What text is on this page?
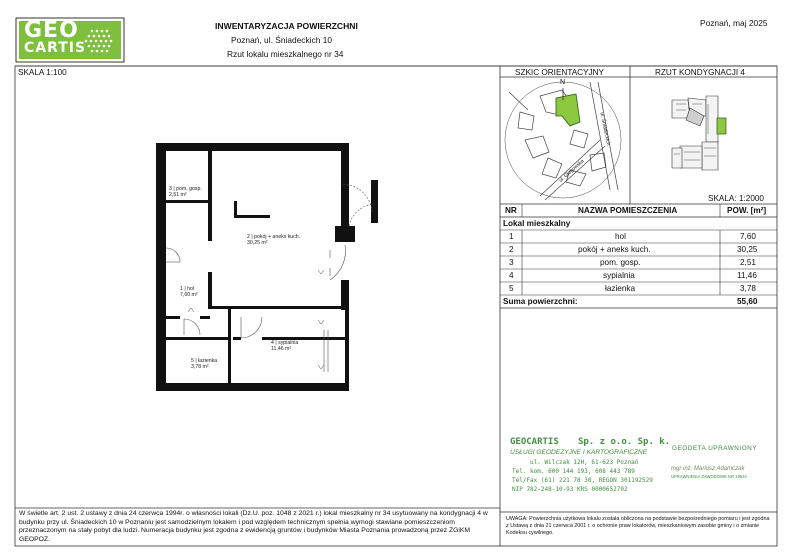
GEO
CARTIS
INWENTARYZACJA POWIERZCHNI
Poznań, ul. Śniadeckich 10
Rzut lokalu mieszkalnego nr 34
Poznań, maj 2025
SKALA 1:100
3 | pom. gosp.
2,51 m²
2 | pokój + aneks kuch.
30,25 m²
1 | hol
7,60 m²
5 | łazienka
3,78 m²
4 | sypialnia
11,46 m²
SZKIC ORIENTACYJNY	RZUT KONDYGNACJI 4
N
ul. Śniadeckich
ul. Głogowska
SKALA: 1:2000
NR	NAZWA POMIESZCZENIA	POW. [m²]
Lokal mieszkalny
1	hol	7,60
2	pokój + aneks kuch.	30,25
3	pom. gosp.	2,51
4	sypialnia	11,46
5	łazienka	3,78
Suma powierzchni:	55,60
GEOCARTIS Sp. z o.o. Sp. k.
USŁUGI GEODEZYJNE I KARTOGRAFICZNE
ul. Wilczak 12H, 61-623 Poznań
Tel. kom. 600 144 193, 608 443 789
Tel/Fax (61) 221 78 30, REGON 301192529
NIP 782-248-10-93 KRS 0000652702
GEODETA UPRAWNIONY
mgr inż. Mariusz Adamczak
UPRAWNIENIA ZAWODOWE NR 19534
W świetle art. 2 ust. 2 ustawy z dnia 24 czerwca 1994r. o własności lokali (Dz.U. poz. 1048 z 2021 r.) lokal mieszkalny nr 34 usytuowany na kondygnacji 4 w budynku przy ul. Śniadeckich 10 w Poznaniu jest samodzielnym lokalem i pod względem technicznym spełnia wymogi stawiane pomieszczeniom przeznaczonym na stały pobyt dla ludzi. Numeracja budynku jest zgodna z ewidencją gruntów i budynków Miasta Poznania prowadzoną przez ZGiKM GEOPOZ.
UWAGA: Powierzchnia użytkowa lokalu została obliczona na podstawie bezpośredniego pomiaru i jest zgodna z Ustawą z dnia 21 czerwca 2001 r. o ochronie praw lokatorów, mieszkaniowym zasobie gminy i o zmianie Kodeksu cywilnego.
